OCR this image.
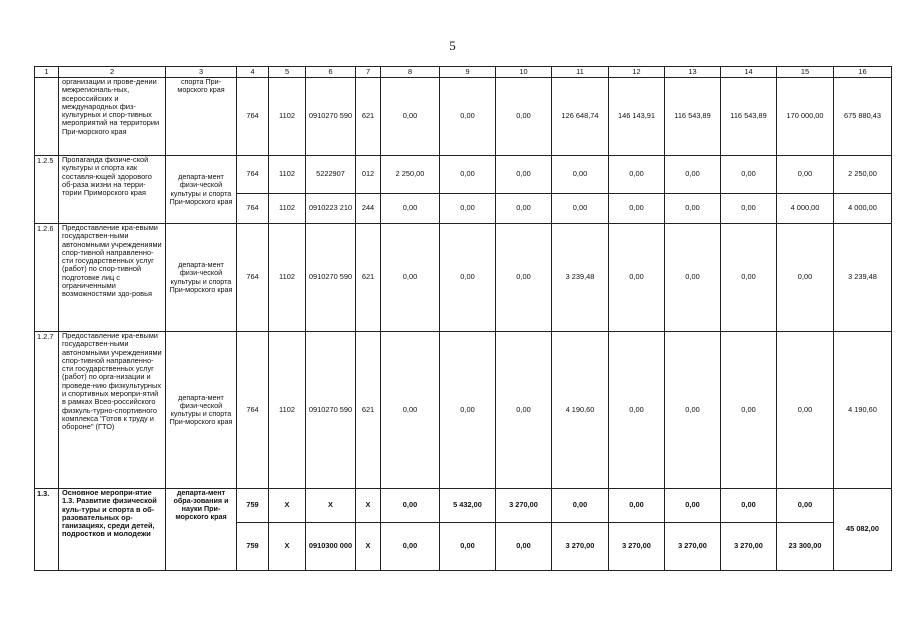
5
1	2	3	4	5	6	7	8	9	10	11	12	13	14	15	16
	организации и прове-дении межрегиональ-ных, всероссийских и международных физ-культурных и спор-тивных мероприятий на территории При-морского края	спорта При-морского края	764	1102	0910270 590	621	0,00	0,00	0,00	126 648,74	146 143,91	116 543,89	116 543,89	170 000,00	675 880,43
1.2.5	Пропаганда физиче-ской культуры и спорта как составля-ющей здорового об-раза жизни на терри-тории Приморского края	департа-мент физи-ческой культуры и спорта При-морского края	764	1102	5222907	012	2 250,00	0,00	0,00	0,00	0,00	0,00	0,00	0,00	2 250,00
			764	1102	0910223 210	244	0,00	0,00	0,00	0,00	0,00	0,00	0,00	4 000,00	4 000,00
1.2.6	Предоставление кра-евыми государствен-ными автономными учреждениями спор-тивной направленно-сти государственных услуг (работ) по спор-тивной подготовке лиц с ограниченными возможностями здо-ровья	департа-мент физи-ческой культуры и спорта При-морского края	764	1102	0910270 590	621	0,00	0,00	0,00	3 239,48	0,00	0,00	0,00	0,00	3 239,48
1.2.7	Предоставление кра-евыми государствен-ными автономными учреждениями спор-тивной направленно-сти государственных услуг (работ) по орга-низации и проведе-нию физкультурных и спортивных меропри-ятий в рамках Всео-российского физкуль-турно-спортивного комплекса "Готов к труду и обороне" (ГТО)	департа-мент физи-ческой культуры и спорта При-морского края	764	1102	0910270 590	621	0,00	0,00	0,00	4 190,60	0,00	0,00	0,00	0,00	4 190,60
1.3.	Основное меропри-ятие 1.3. Развитие физической куль-туры и спорта в об-разовательных ор-ганизациях, среди детей, подростков и молодежи	департа-мент обра-зования и науки При-морского края	759	X	X	X	0,00	5 432,00	3 270,00	0,00	0,00	0,00	0,00	0,00	45 082,00
			759	X	0910300 000	X	0,00	0,00	0,00	3 270,00	3 270,00	3 270,00	3 270,00	23 300,00	
